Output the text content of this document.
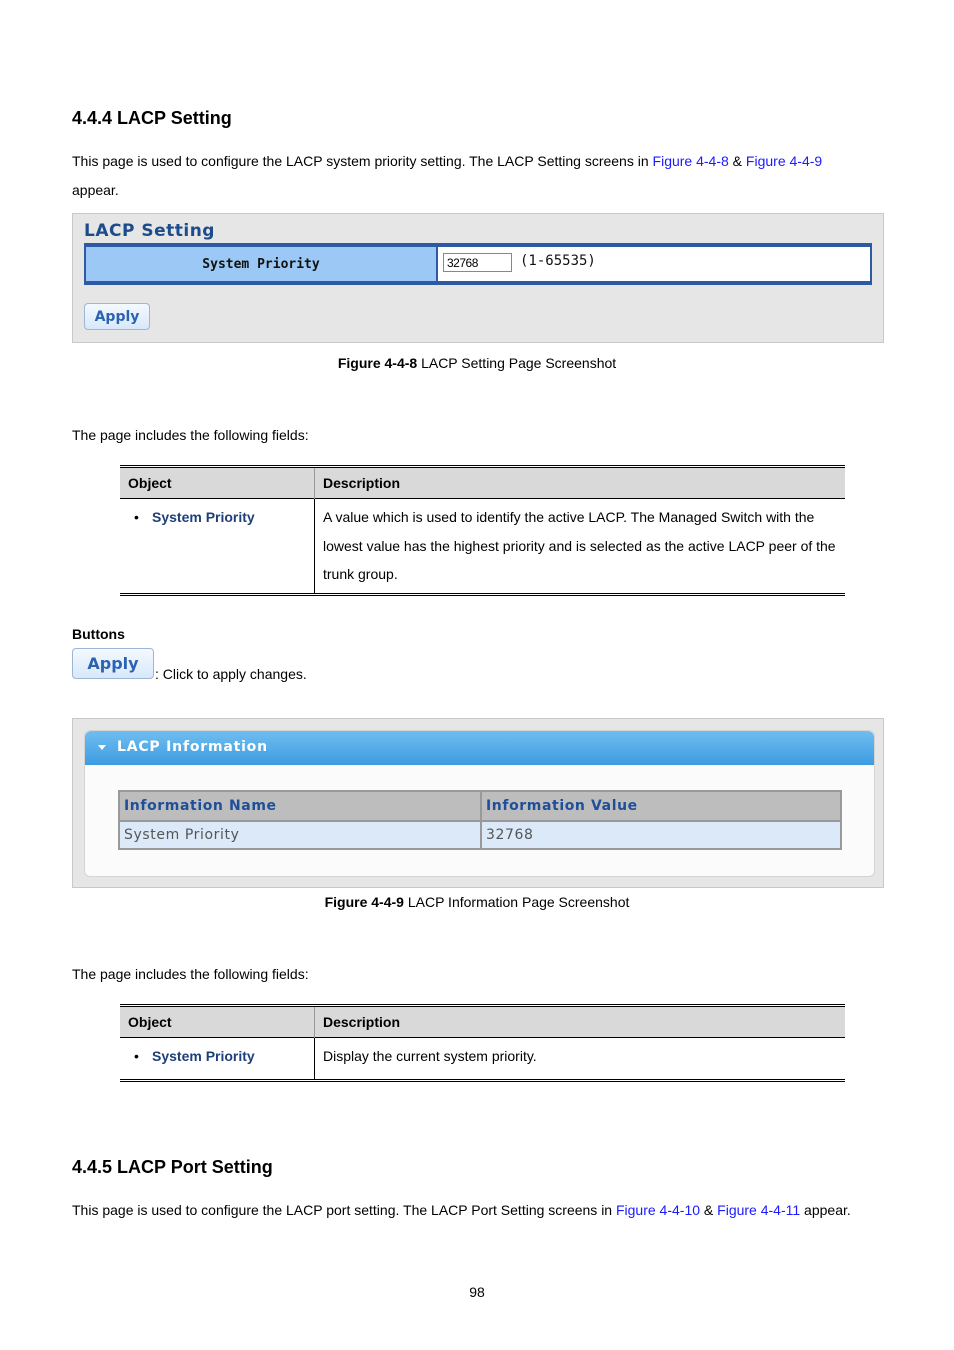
4.4.4 LACP Setting
This page is used to configure the LACP system priority setting. The LACP Setting screens in Figure 4-4-8 & Figure 4-4-9
appear.
LACP Setting
System Priority
32768	(1-65535)
Apply
Figure 4-4-8 LACP Setting Page Screenshot
The page includes the following fields:
Object	Description
• System Priority	A value which is used to identify the active LACP. The Managed Switch with the lowest value has the highest priority and is selected as the active LACP peer of the trunk group.
Buttons
Apply
: Click to apply changes.
LACP Information
Information Name	Information Value
System Priority	32768
Figure 4-4-9 LACP Information Page Screenshot
The page includes the following fields:
Object	Description
• System Priority	Display the current system priority.
4.4.5 LACP Port Setting
This page is used to configure the LACP port setting. The LACP Port Setting screens in Figure 4-4-10 & Figure 4-4-11 appear.
98
